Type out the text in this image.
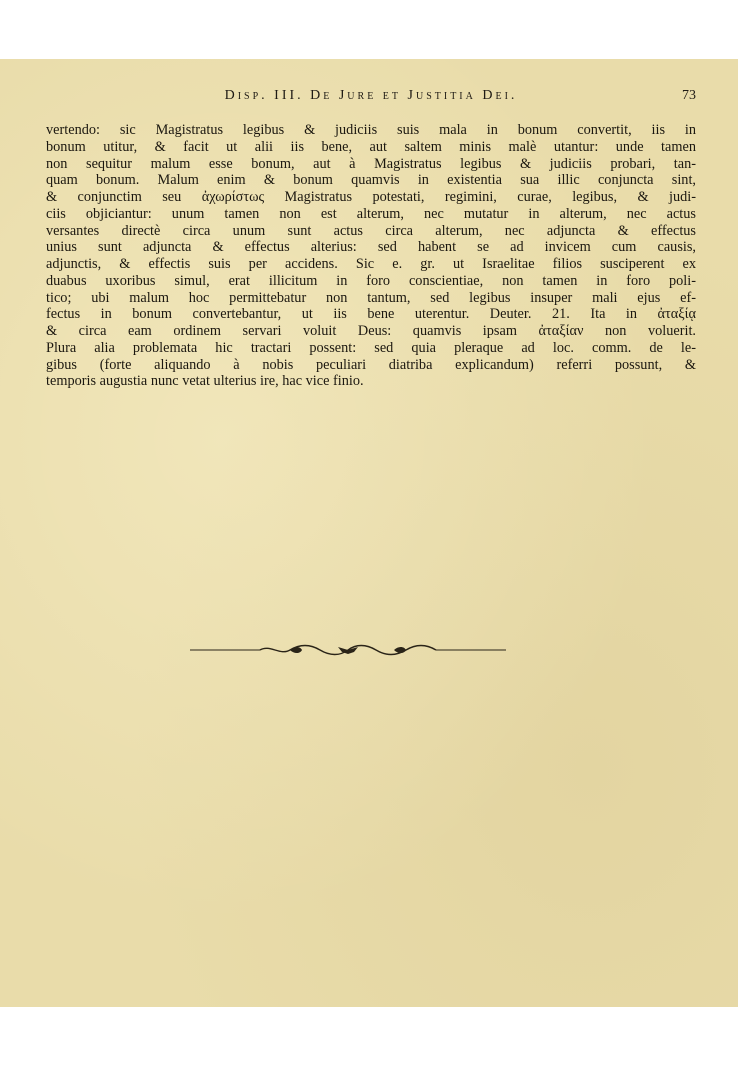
Disp. III. De Jure et Justitia Dei.	73
vertendo: sic Magistratus legibus & judiciis suis mala in bonum convertit, iis in
bonum utitur, & facit ut alii iis bene, aut saltem minis malè utantur: unde tamen
non sequitur malum esse bonum, aut à Magistratus legibus & judiciis probari, tan-
quam bonum. Malum enim & bonum quamvis in existentia sua illic conjuncta sint,
& conjunctim seu ἀχωρίστως Magistratus potestati, regimini, curae, legibus, & judi-
ciis objiciantur: unum tamen non est alterum, nec mutatur in alterum, nec actus
versantes directè circa unum sunt actus circa alterum, nec adjuncta & effectus
unius sunt adjuncta & effectus alterius: sed habent se ad invicem cum causis,
adjunctis, & effectis suis per accidens. Sic e. gr. ut Israelitae filios susciperent ex
duabus uxoribus simul, erat illicitum in foro conscientiae, non tamen in foro poli-
tico; ubi malum hoc permittebatur non tantum, sed legibus insuper mali ejus ef-
fectus in bonum convertebantur, ut iis bene uterentur. Deuter. 21. Ita in ἀταξίᾳ
& circa eam ordinem servari voluit Deus: quamvis ipsam ἀταξίαν non voluerit.
Plura alia problemata hic tractari possent: sed quia pleraque ad loc. comm. de le-
gibus (forte aliquando à nobis peculiari diatriba explicandum) referri possunt, &
temporis augustia nunc vetat ulterius ire, hac vice finio.
